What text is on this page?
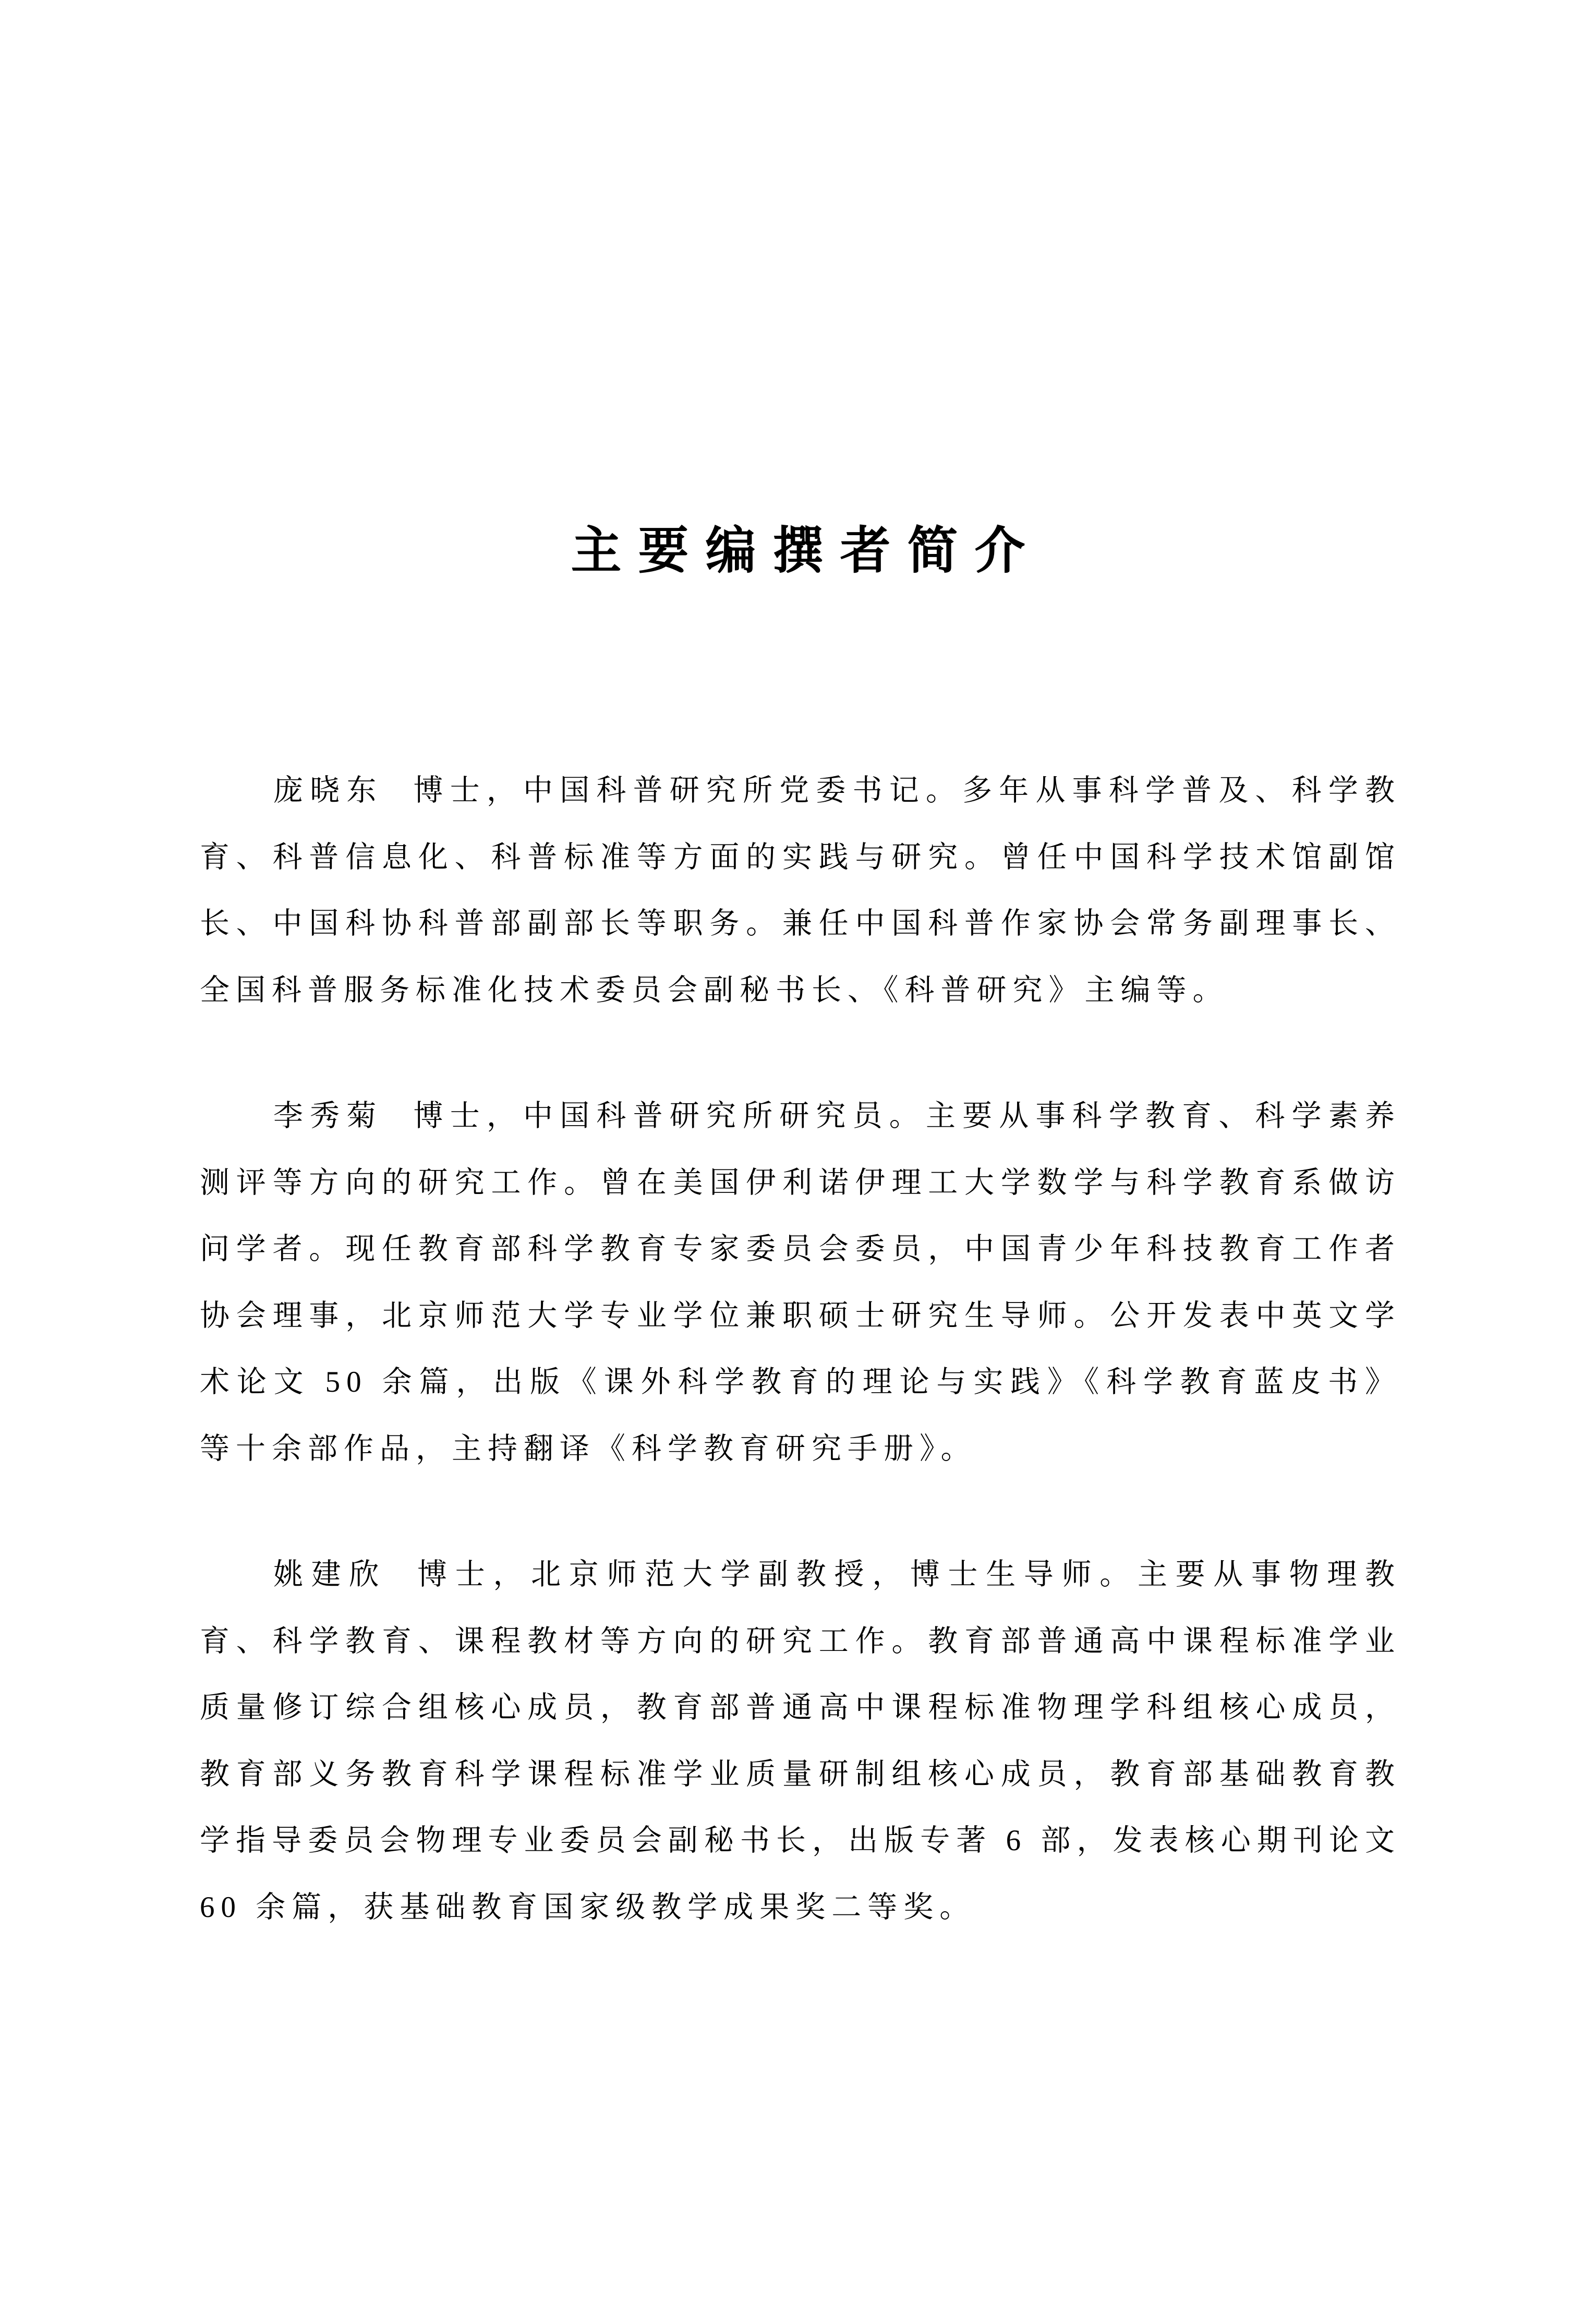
主要编撰者简介

庞晓东 博士，中国科普研究所党委书记。多年从事科学普及、科学教育、科普信息化、科普标准等方面的实践与研究。曾任中国科学技术馆副馆长、中国科协科普部副部长等职务。兼任中国科普作家协会常务副理事长、全国科普服务标准化技术委员会副秘书长、《科普研究》主编等。

李秀菊 博士，中国科普研究所研究员。主要从事科学教育、科学素养测评等方向的研究工作。曾在美国伊利诺伊理工大学数学与科学教育系做访问学者。现任教育部科学教育专家委员会委员，中国青少年科技教育工作者协会理事，北京师范大学专业学位兼职硕士研究生导师。公开发表中英文学术论文 50 余篇，出版《课外科学教育的理论与实践》《科学教育蓝皮书》等十余部作品，主持翻译《科学教育研究手册》。

姚建欣 博士，北京师范大学副教授，博士生导师。主要从事物理教育、科学教育、课程教材等方向的研究工作。教育部普通高中课程标准学业质量修订综合组核心成员，教育部普通高中课程标准物理学科组核心成员，教育部义务教育科学课程标准学业质量研制组核心成员，教育部基础教育教学指导委员会物理专业委员会副秘书长，出版专著 6 部，发表核心期刊论文 60 余篇，获基础教育国家级教学成果奖二等奖。
